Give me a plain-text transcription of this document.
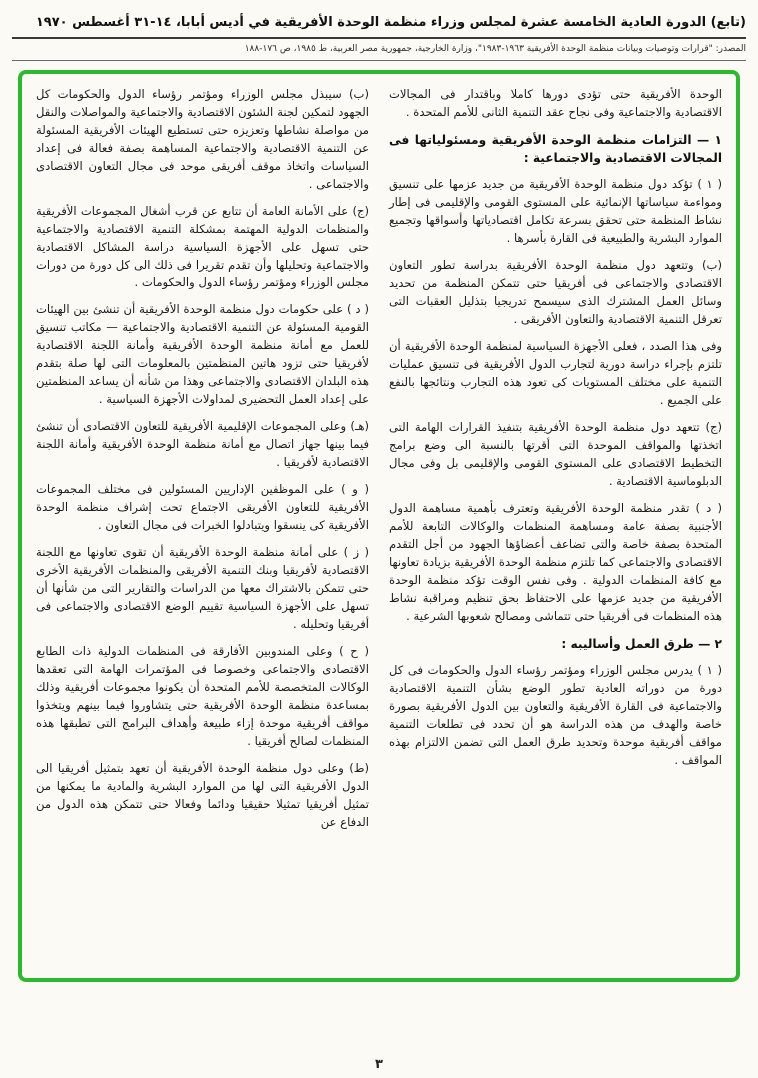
(تابع) الدورة العادية الخامسة عشرة لمجلس وزراء منظمة الوحدة الأفريقية في أديس أبابا، ١٤-٣١ أغسطس ١٩٧٠
المصدر: "قرارات وتوصيات وبيانات منظمة الوحدة الأفريقية ١٩٦٣-١٩٨٣"، وزارة الخارجية، جمهورية مصر العربية، ط ١٩٨٥، ص ١٧٦-١٨٨

الوحدة الأفريقية حتى تؤدى دورها كاملا وباقتدار فى المجالات الاقتصادية والاجتماعية وفى نجاح عقد التنمية الثانى للأمم المتحدة .

١ — التزامات منظمة الوحدة الأفريقية ومسئولياتها فى المجالات الاقتصادية والاجتماعية :

( ١ ) تؤكد دول منظمة الوحدة الأفريقية من جديد عزمها على تنسيق ومواءمة سياساتها الإنمائية على المستوى القومى والإقليمى فى إطار نشاط المنظمة حتى تحقق بسرعة تكامل اقتصادياتها وأسواقها وتجميع الموارد البشرية والطبيعية فى القارة بأسرها .

(ب) وتتعهد دول منظمة الوحدة الأفريقية بدراسة تطور التعاون الاقتصادى والاجتماعى فى أفريقيا حتى تتمكن المنظمة من تحديد وسائل العمل المشترك الذى سيسمح تدريجيا بتذليل العقبات التى تعرقل التنمية الاقتصادية والتعاون الأفريقى .

وفى هذا الصدد ، فعلى الأجهزة السياسية لمنظمة الوحدة الأفريقية أن تلتزم بإجراء دراسة دورية لتجارب الدول الأفريقية فى تنسيق عمليات التنمية على مختلف المستويات كى تعود هذه التجارب ونتائجها بالنفع على الجميع .

(ج) تتعهد دول منظمة الوحدة الأفريقية بتنفيذ القرارات الهامة التى اتخذتها والمواقف الموحدة التى أقرتها بالنسبة الى وضع برامج التخطيط الاقتصادى على المستوى القومى والإقليمى بل وفى مجال الدبلوماسية الاقتصادية .

( د ) تقدر منظمة الوحدة الأفريقية وتعترف بأهمية مساهمة الدول الأجنبية بصفة عامة ومساهمة المنظمات والوكالات التابعة للأمم المتحدة بصفة خاصة والتى تضاعف أعضاؤها الجهود من أجل التقدم الاقتصادى والاجتماعى كما تلتزم منظمة الوحدة الأفريقية بزيادة تعاونها مع كافة المنظمات الدولية . وفى نفس الوقت تؤكد منظمة الوحدة الأفريقية من جديد عزمها على الاحتفاظ بحق تنظيم ومراقبة نشاط هذه المنظمات فى أفريقيا حتى تتماشى ومصالح شعوبها الشرعية .

٢ — طرق العمل وأساليبه :

( ١ ) يدرس مجلس الوزراء ومؤتمر رؤساء الدول والحكومات فى كل دورة من دوراته العادية تطور الوضع بشأن التنمية الاقتصادية والاجتماعية فى القارة الأفريقية والتعاون بين الدول الأفريقية بصورة خاصة والهدف من هذه الدراسة هو أن تحدد فى تطلعات التنمية مواقف أفريقية موحدة وتحديد طرق العمل التى تضمن الالتزام بهذه المواقف .

(ب) سيبذل مجلس الوزراء ومؤتمر رؤساء الدول والحكومات كل الجهود لتمكين لجنة الشئون الاقتصادية والاجتماعية والمواصلات والنقل من مواصلة نشاطها وتعزيزه حتى تستطيع الهيئات الأفريقية المسئولة عن التنمية الاقتصادية والاجتماعية المساهمة بصفة فعالة فى إعداد السياسات واتخاذ موقف أفريقى موحد فى مجال التعاون الاقتصادى والاجتماعى .

(ج) على الأمانة العامة أن تتابع عن قرب أشغال المجموعات الأفريقية والمنظمات الدولية المهتمة بمشكلة التنمية الاقتصادية والاجتماعية حتى تسهل على الأجهزة السياسية دراسة المشاكل الاقتصادية والاجتماعية وتحليلها وأن تقدم تقريرا فى ذلك الى كل دورة من دورات مجلس الوزراء ومؤتمر رؤساء الدول والحكومات .

( د ) على حكومات دول منظمة الوحدة الأفريقية أن تنشئ بين الهيئات القومية المسئولة عن التنمية الاقتصادية والاجتماعية — مكاتب تنسيق للعمل مع أمانة منظمة الوحدة الأفريقية وأمانة اللجنة الاقتصادية لأفريقيا حتى تزود هاتين المنظمتين بالمعلومات التى لها صلة بتقدم هذه البلدان الاقتصادى والاجتماعى وهذا من شأنه أن يساعد المنظمتين على إعداد العمل التحضيرى لمداولات الأجهزة السياسية .

(هـ) وعلى المجموعات الإقليمية الأفريقية للتعاون الاقتصادى أن تنشئ فيما بينها جهاز اتصال مع أمانة منظمة الوحدة الأفريقية وأمانة اللجنة الاقتصادية لأفريقيا .

( و ) على الموظفين الإداريين المسئولين فى مختلف المجموعات الأفريقية للتعاون الأفريقى الاجتماع تحت إشراف منظمة الوحدة الأفريقية كى ينسقوا ويتبادلوا الخبرات فى مجال التعاون .

( ز ) على أمانة منظمة الوحدة الأفريقية أن تقوى تعاونها مع اللجنة الاقتصادية لأفريقيا وبنك التنمية الأفريقى والمنظمات الأفريقية الأخرى حتى تتمكن بالاشتراك معها من الدراسات والتقارير التى من شأنها أن تسهل على الأجهزة السياسية تقييم الوضع الاقتصادى والاجتماعى فى أفريقيا وتحليله .

( ح ) وعلى المندوبين الأفارقة فى المنظمات الدولية ذات الطابع الاقتصادى والاجتماعى وخصوصا فى المؤتمرات الهامة التى تعقدها الوكالات المتخصصة للأمم المتحدة أن يكونوا مجموعات أفريقية وذلك بمساعدة منظمة الوحدة الأفريقية حتى يتشاوروا فيما بينهم ويتخذوا مواقف أفريقية موحدة إزاء طبيعة وأهداف البرامج التى تطبقها هذه المنظمات لصالح أفريقيا .

(ط) وعلى دول منظمة الوحدة الأفريقية أن تعهد بتمثيل أفريقيا الى الدول الأفريقية التى لها من الموارد البشرية والمادية ما يمكنها من تمثيل أفريقيا تمثيلا حقيقيا ودائما وفعالا حتى تتمكن هذه الدول من الدفاع عن

٣
